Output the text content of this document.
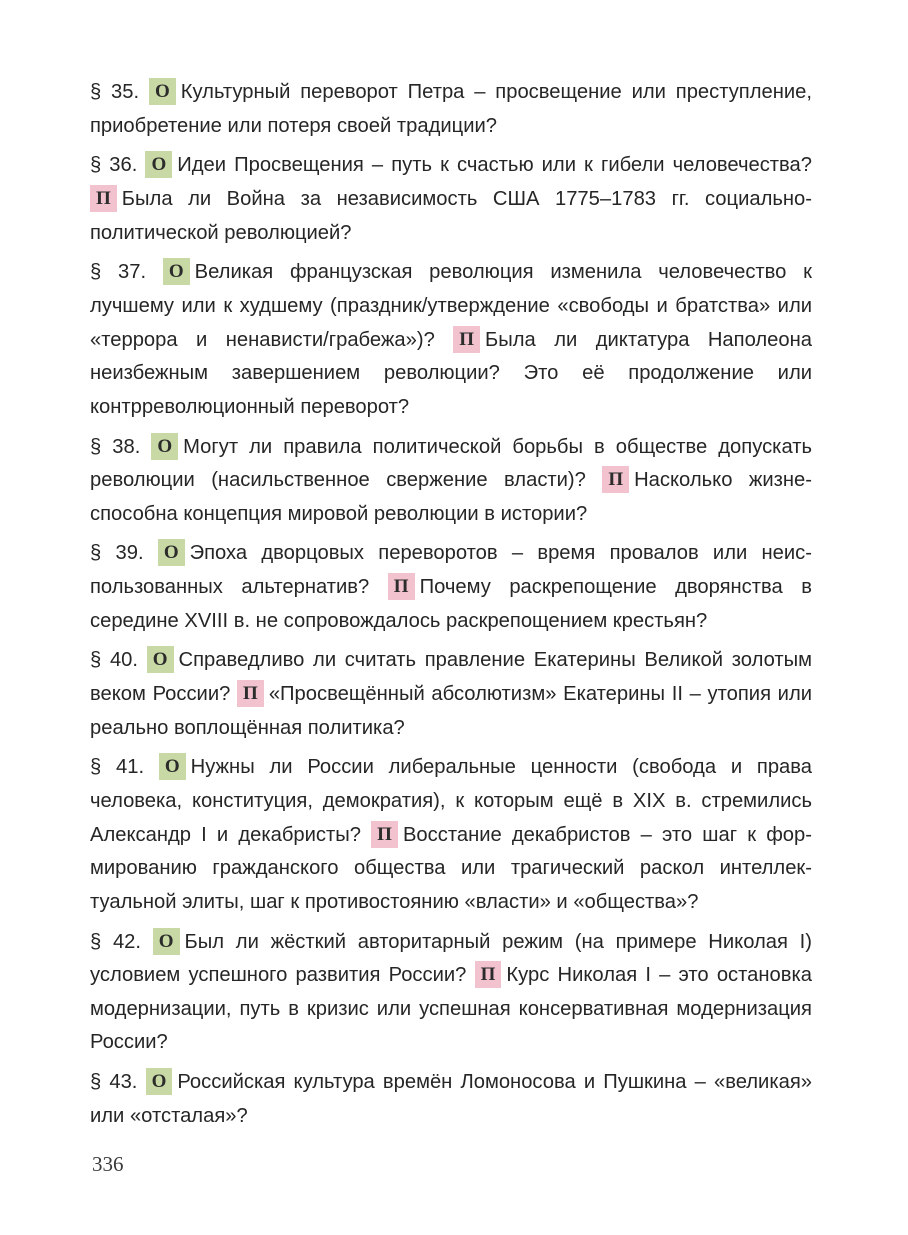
§ 35. О Культурный переворот Петра – просвещение или преступление, приобретение или потеря своей традиции?

§ 36. О Идеи Просвещения – путь к счастью или к гибели человечества? П Была ли Война за независимость США 1775–1783 гг. социально-политической революцией?

§ 37. О Великая французская революция изменила человечество к лучшему или к худшему (праздник/утверждение «свободы и братства» или «террора и ненависти/грабежа»)? П Была ли диктатура Наполеона неизбежным завершением революции? Это её продолжение или контрреволюционный переворот?

§ 38. О Могут ли правила политической борьбы в обществе допускать революции (насильственное свержение власти)? П Насколько жизнеспособна концепция мировой революции в истории?

§ 39. О Эпоха дворцовых переворотов – время провалов или неиспользованных альтернатив? П Почему раскрепощение дворянства в середине XVIII в. не сопровождалось раскрепощением крестьян?

§ 40. О Справедливо ли считать правление Екатерины Великой золотым веком России? П «Просвещённый абсолютизм» Екатерины II – утопия или реально воплощённая политика?

§ 41. О Нужны ли России либеральные ценности (свобода и права человека, конституция, демократия), к которым ещё в XIX в. стремились Александр I и декабристы? П Восстание декабристов – это шаг к формированию гражданского общества или трагический раскол интеллектуальной элиты, шаг к противостоянию «власти» и «общества»?

§ 42. О Был ли жёсткий авторитарный режим (на примере Николая I) условием успешного развития России? П Курс Николая I – это остановка модернизации, путь в кризис или успешная консервативная модернизация России?

§ 43. О Российская культура времён Ломоносова и Пушкина – «великая» или «отсталая»?

336
